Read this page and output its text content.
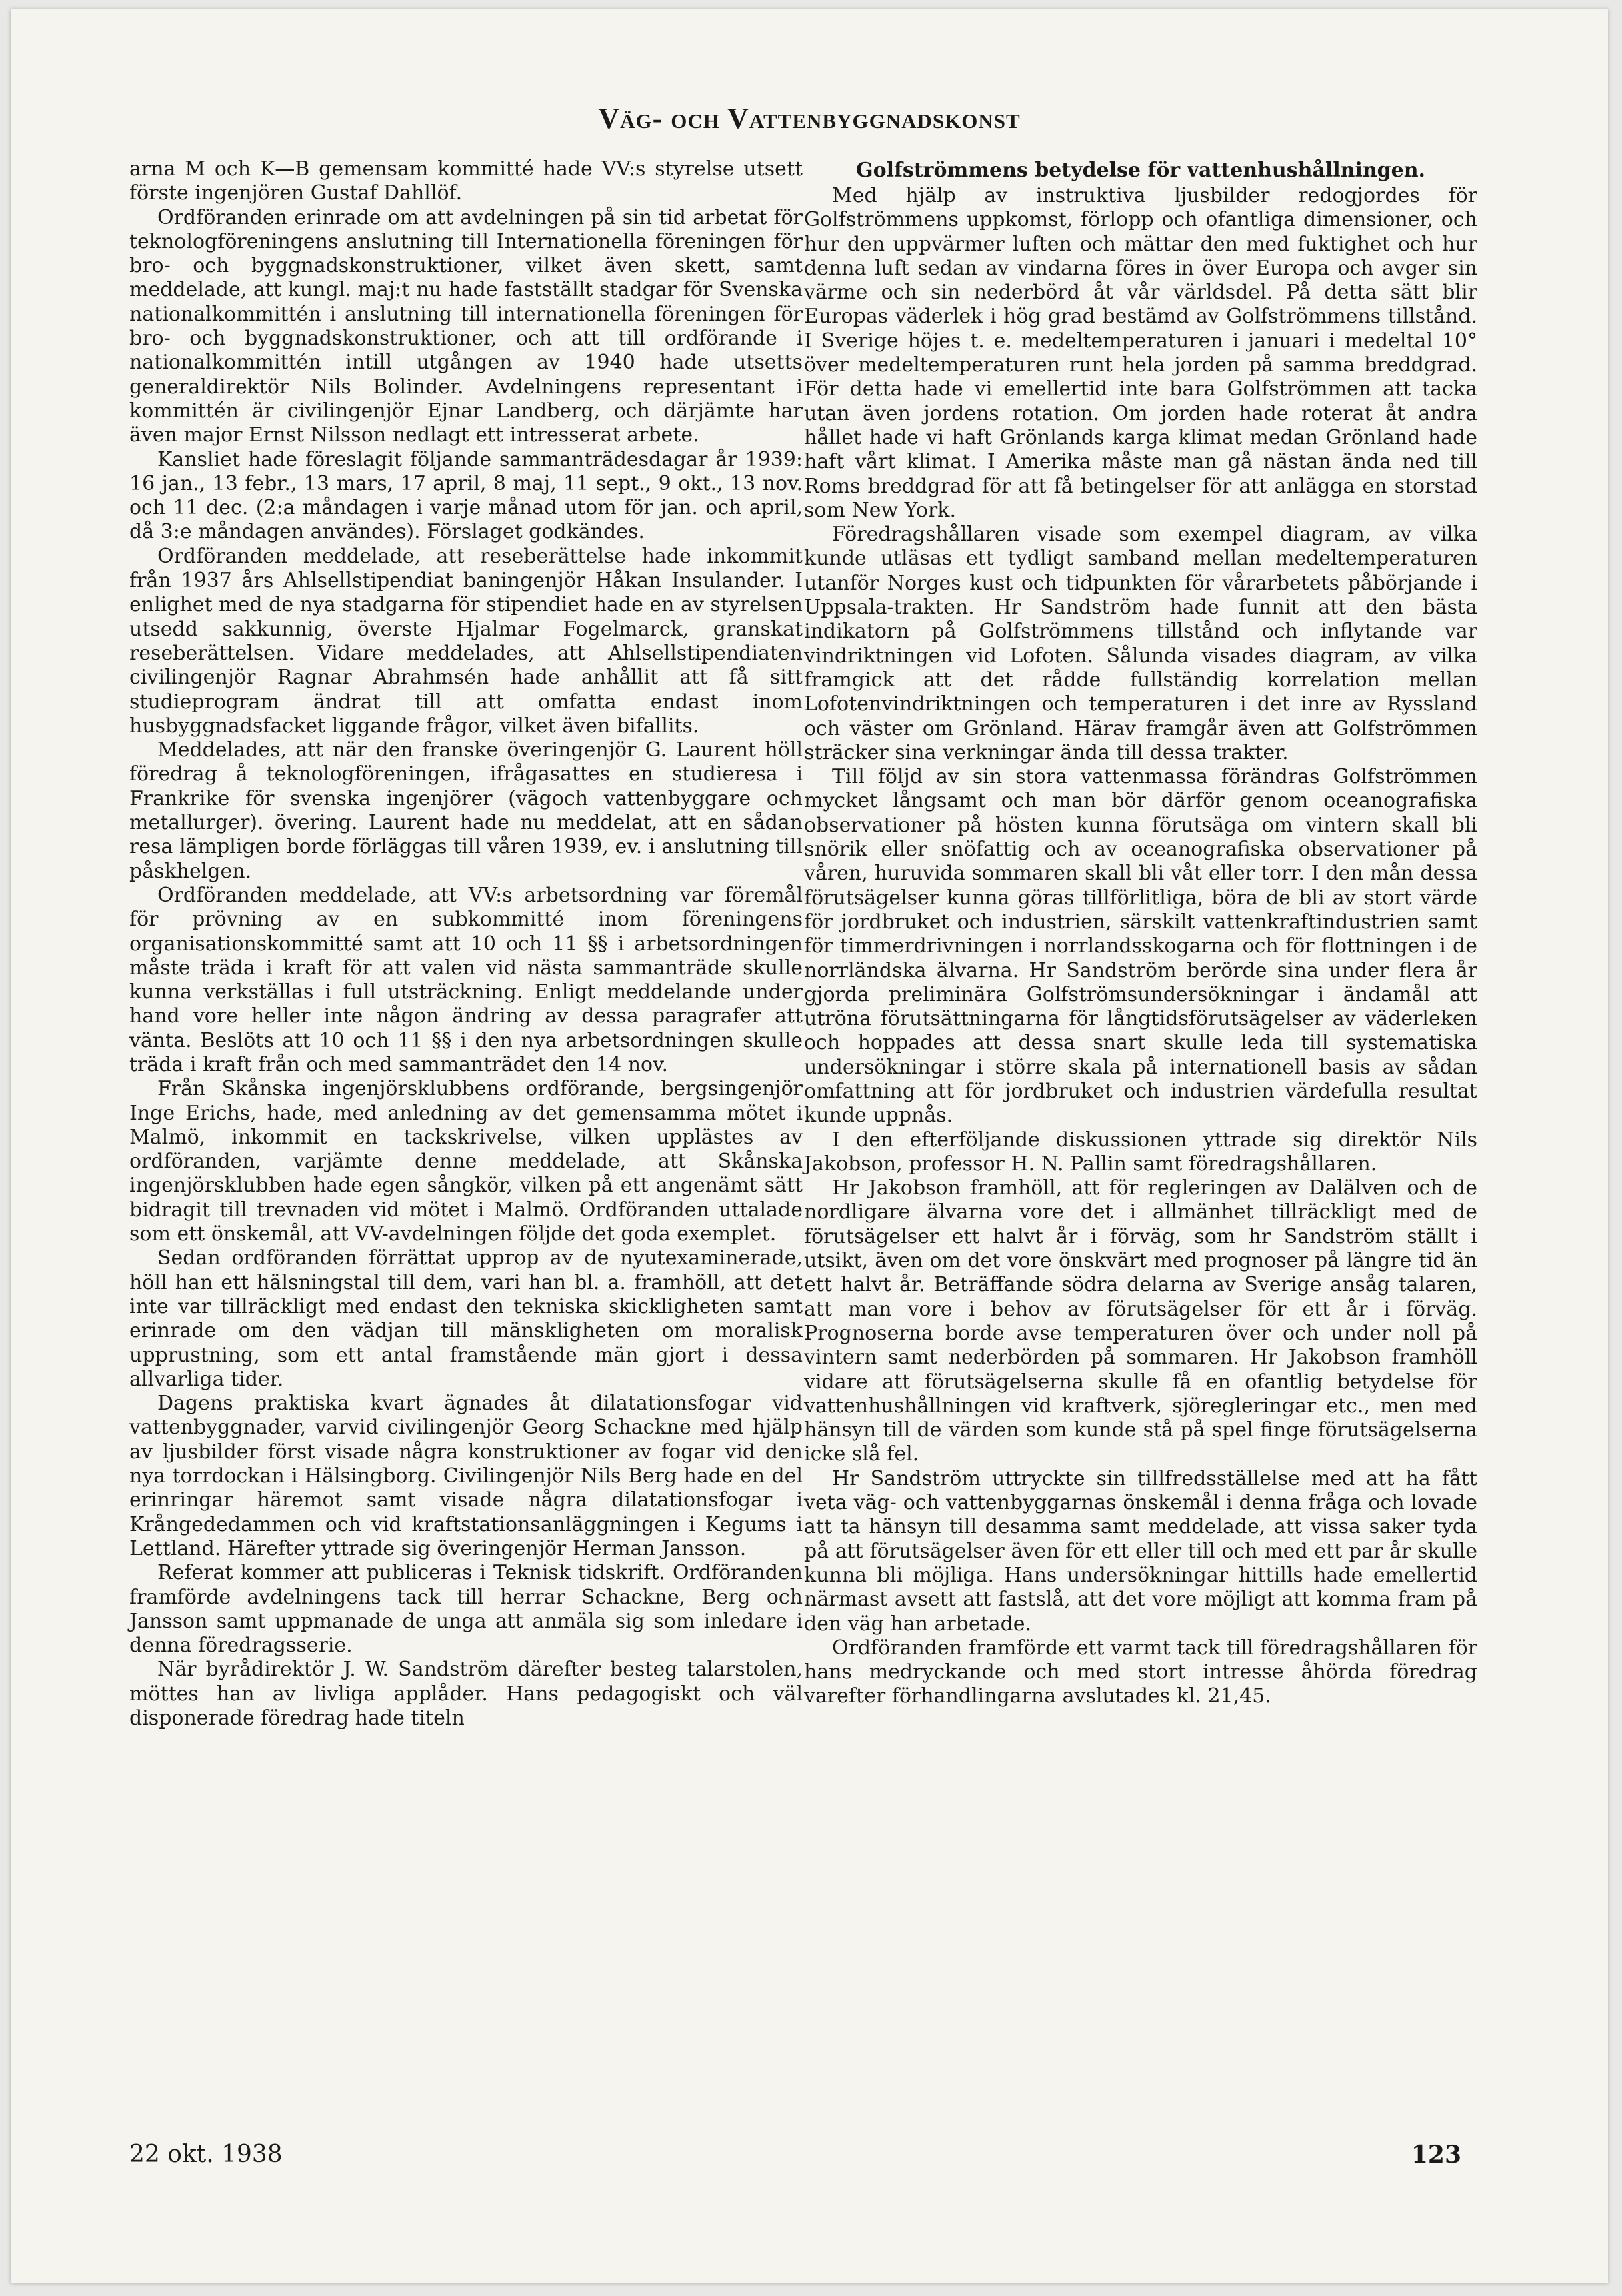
Väg- och Vattenbyggnadskonst

arna M och K—B gemensam kommitté hade VV:s styrelse utsett förste ingenjören Gustaf Dahllöf.

Ordföranden erinrade om att avdelningen på sin tid arbetat för teknologföreningens anslutning till Internationella föreningen för bro- och byggnadskonstruktioner, vilket även skett, samt meddelade, att kungl. maj:t nu hade fastställt stadgar för Svenska nationalkommittén i anslutning till internationella föreningen för bro- och byggnadskonstruktioner, och att till ordförande i nationalkommittén intill utgången av 1940 hade utsetts generaldirektör Nils Bolinder. Avdelningens representant i kommittén är civilingenjör Ejnar Landberg, och därjämte har även major Ernst Nilsson nedlagt ett intresserat arbete.

Kansliet hade föreslagit följande sammanträdesdagar år 1939: 16 jan., 13 febr., 13 mars, 17 april, 8 maj, 11 sept., 9 okt., 13 nov. och 11 dec. (2:a måndagen i varje månad utom för jan. och april, då 3:e måndagen användes). Förslaget godkändes.

Ordföranden meddelade, att reseberättelse hade inkommit från 1937 års Ahlsellstipendiat baningenjör Håkan Insulander. I enlighet med de nya stadgarna för stipendiet hade en av styrelsen utsedd sakkunnig, överste Hjalmar Fogelmarck, granskat reseberättelsen. Vidare meddelades, att Ahlsellstipendiaten civilingenjör Ragnar Abrahmsén hade anhållit att få sitt studieprogram ändrat till att omfatta endast inom husbyggnadsfacket liggande frågor, vilket även bifallits.

Meddelades, att när den franske överingenjör G. Laurent höll föredrag å teknologföreningen, ifrågasattes en studieresa i Frankrike för svenska ingenjörer (vägoch vattenbyggare och metallurger). övering. Laurent hade nu meddelat, att en sådan resa lämpligen borde förläggas till våren 1939, ev. i anslutning till påskhelgen.

Ordföranden meddelade, att VV:s arbetsordning var föremål för prövning av en subkommitté inom föreningens organisationskommitté samt att 10 och 11 §§ i arbetsordningen måste träda i kraft för att valen vid nästa sammanträde skulle kunna verkställas i full utsträckning. Enligt meddelande under hand vore heller inte någon ändring av dessa paragrafer att vänta. Beslöts att 10 och 11 §§ i den nya arbetsordningen skulle träda i kraft från och med sammanträdet den 14 nov.

Från Skånska ingenjörsklubbens ordförande, bergsingenjör Inge Erichs, hade, med anledning av det gemensamma mötet i Malmö, inkommit en tackskrivelse, vilken upplästes av ordföranden, varjämte denne meddelade, att Skånska ingenjörsklubben hade egen sångkör, vilken på ett angenämt sätt bidragit till trevnaden vid mötet i Malmö. Ordföranden uttalade som ett önskemål, att VV-avdelningen följde det goda exemplet.

Sedan ordföranden förrättat upprop av de nyutexaminerade, höll han ett hälsningstal till dem, vari han bl. a. framhöll, att det inte var tillräckligt med endast den tekniska skickligheten samt erinrade om den vädjan till mänskligheten om moralisk upprustning, som ett antal framstående män gjort i dessa allvarliga tider.

Dagens praktiska kvart ägnades åt dilatationsfogar vid vattenbyggnader, varvid civilingenjör Georg Schackne med hjälp av ljusbilder först visade några konstruktioner av fogar vid den nya torrdockan i Hälsingborg. Civilingenjör Nils Berg hade en del erinringar häremot samt visade några dilatationsfogar i Krångededammen och vid kraftstationsanläggningen i Kegums i Lettland. Härefter yttrade sig överingenjör Herman Jansson.

Referat kommer att publiceras i Teknisk tidskrift. Ordföranden framförde avdelningens tack till herrar Schackne, Berg och Jansson samt uppmanade de unga att anmäla sig som inledare i denna föredragsserie.

När byrådirektör J. W. Sandström därefter besteg talarstolen, möttes han av livliga applåder. Hans pedagogiskt och väl disponerade föredrag hade titeln

Golfströmmens betydelse för vattenhushållningen.

Med hjälp av instruktiva ljusbilder redogjordes för Golfströmmens uppkomst, förlopp och ofantliga dimensioner, och hur den uppvärmer luften och mättar den med fuktighet och hur denna luft sedan av vindarna föres in över Europa och avger sin värme och sin nederbörd åt vår världsdel. På detta sätt blir Europas väderlek i hög grad bestämd av Golfströmmens tillstånd. I Sverige höjes t. e. medeltemperaturen i januari i medeltal 10° över medeltemperaturen runt hela jorden på samma breddgrad. För detta hade vi emellertid inte bara Golfströmmen att tacka utan även jordens rotation. Om jorden hade roterat åt andra hållet hade vi haft Grönlands karga klimat medan Grönland hade haft vårt klimat. I Amerika måste man gå nästan ända ned till Roms breddgrad för att få betingelser för att anlägga en storstad som New York.

Föredragshållaren visade som exempel diagram, av vilka kunde utläsas ett tydligt samband mellan medeltemperaturen utanför Norges kust och tidpunkten för vårarbetets påbörjande i Uppsala-trakten. Hr Sandström hade funnit att den bästa indikatorn på Golfströmmens tillstånd och inflytande var vindriktningen vid Lofoten. Sålunda visades diagram, av vilka framgick att det rådde fullständig korrelation mellan Lofotenvindriktningen och temperaturen i det inre av Ryssland och väster om Grönland. Härav framgår även att Golfströmmen sträcker sina verkningar ända till dessa trakter.

Till följd av sin stora vattenmassa förändras Golfströmmen mycket långsamt och man bör därför genom oceanografiska observationer på hösten kunna förutsäga om vintern skall bli snörik eller snöfattig och av oceanografiska observationer på våren, huruvida sommaren skall bli våt eller torr. I den mån dessa förutsägelser kunna göras tillförlitliga, böra de bli av stort värde för jordbruket och industrien, särskilt vattenkraftindustrien samt för timmerdrivningen i norrlandsskogarna och för flottningen i de norrländska älvarna. Hr Sandström berörde sina under flera år gjorda preliminära Golfströmsundersökningar i ändamål att utröna förutsättningarna för långtidsförutsägelser av väderleken och hoppades att dessa snart skulle leda till systematiska undersökningar i större skala på internationell basis av sådan omfattning att för jordbruket och industrien värdefulla resultat kunde uppnås.

I den efterföljande diskussionen yttrade sig direktör Nils Jakobson, professor H. N. Pallin samt föredragshållaren.

Hr Jakobson framhöll, att för regleringen av Dalälven och de nordligare älvarna vore det i allmänhet tillräckligt med de förutsägelser ett halvt år i förväg, som hr Sandström ställt i utsikt, även om det vore önskvärt med prognoser på längre tid än ett halvt år. Beträffande södra delarna av Sverige ansåg talaren, att man vore i behov av förutsägelser för ett år i förväg. Prognoserna borde avse temperaturen över och under noll på vintern samt nederbörden på sommaren. Hr Jakobson framhöll vidare att förutsägelserna skulle få en ofantlig betydelse för vattenhushållningen vid kraftverk, sjöregleringar etc., men med hänsyn till de värden som kunde stå på spel finge förutsägelserna icke slå fel.

Hr Sandström uttryckte sin tillfredsställelse med att ha fått veta väg- och vattenbyggarnas önskemål i denna fråga och lovade att ta hänsyn till desamma samt meddelade, att vissa saker tyda på att förutsägelser även för ett eller till och med ett par år skulle kunna bli möjliga. Hans undersökningar hittills hade emellertid närmast avsett att fastslå, att det vore möjligt att komma fram på den väg han arbetade.

Ordföranden framförde ett varmt tack till föredragshållaren för hans medryckande och med stort intresse åhörda föredrag varefter förhandlingarna avslutades kl. 21,45.

22 okt. 1938	123
